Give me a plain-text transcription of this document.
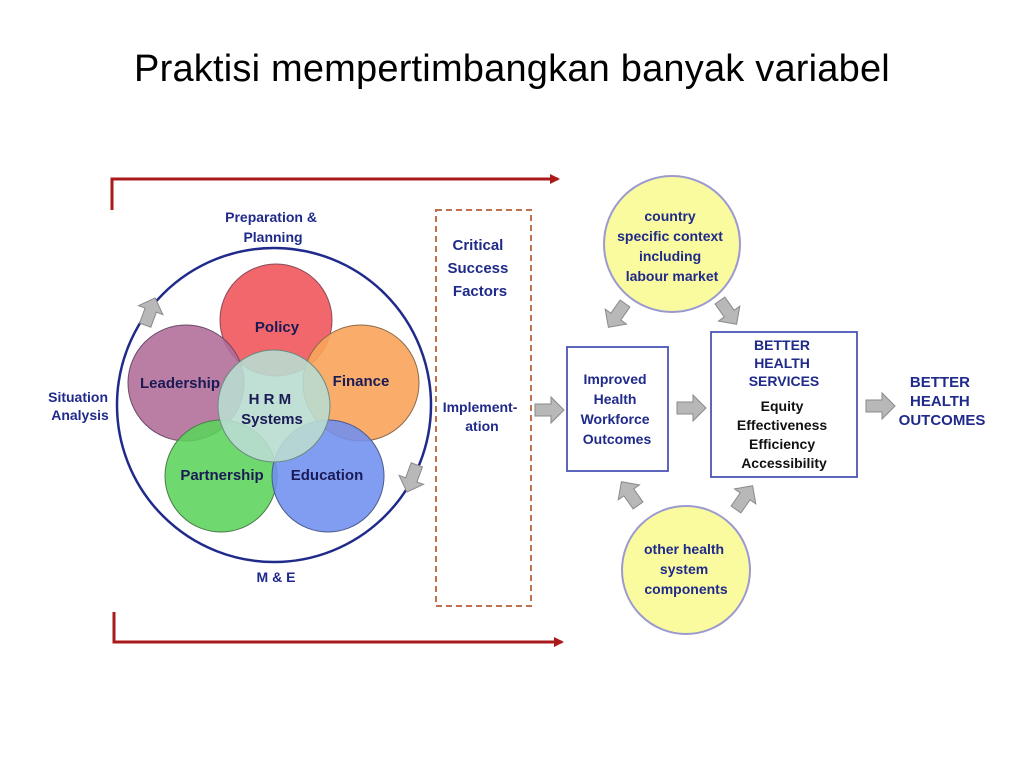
Praktisi mempertimbangkan banyak variabel
Policy
Finance
Leadership
Partnership Education
H R M Systems
Preparation & Planning
Situation Analysis
M & E
Critical Success Factors
Implement- ation
country specific context including labour market
other health system components
Improved Health Workforce Outcomes
BETTER HEALTH SERVICES
Equity Effectiveness Efficiency Accessibility
BETTER HEALTH OUTCOMES
